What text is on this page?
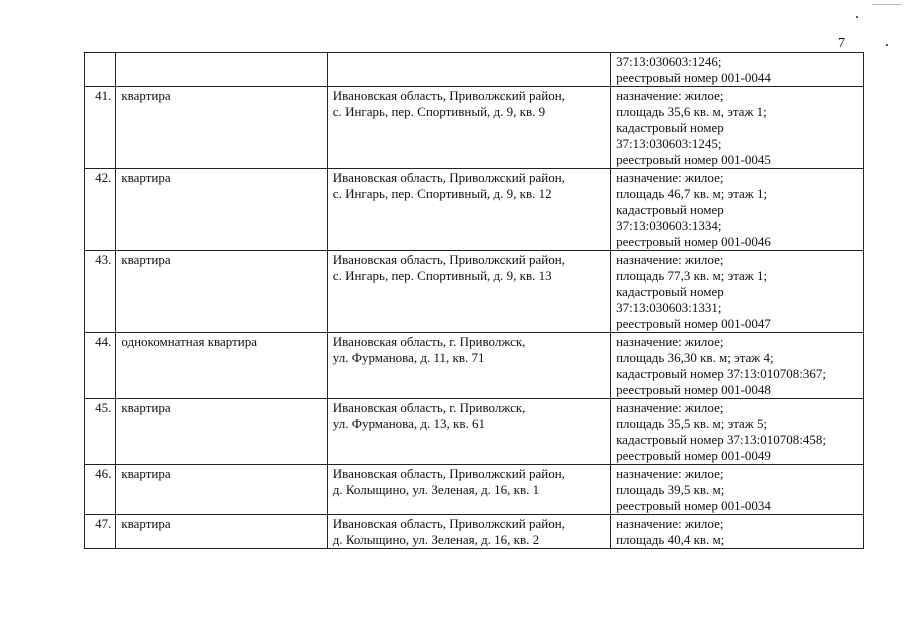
7

			37:13:030603:1246;
реестровый номер 001-0044

41.	квартира	Ивановская область, Приволжский район,
с. Ингарь, пер. Спортивный, д. 9, кв. 9	назначение: жилое;
площадь 35,6 кв. м, этаж 1;
кадастровый номер
37:13:030603:1245;
реестровый номер 001-0045

42.	квартира	Ивановская область, Приволжский район,
с. Ингарь, пер. Спортивный, д. 9, кв. 12	назначение: жилое;
площадь 46,7 кв. м; этаж 1;
кадастровый номер
37:13:030603:1334;
реестровый номер 001-0046

43.	квартира	Ивановская область, Приволжский район,
с. Ингарь, пер. Спортивный, д. 9, кв. 13	назначение: жилое;
площадь 77,3 кв. м; этаж 1;
кадастровый номер
37:13:030603:1331;
реестровый номер 001-0047

44.	однокомнатная квартира	Ивановская область, г. Приволжск,
ул. Фурманова, д. 11, кв. 71	назначение: жилое;
площадь 36,30 кв. м; этаж 4;
кадастровый номер 37:13:010708:367;
реестровый номер 001-0048

45.	квартира	Ивановская область, г. Приволжск,
ул. Фурманова, д. 13, кв. 61	назначение: жилое;
площадь 35,5 кв. м; этаж 5;
кадастровый номер 37:13:010708:458;
реестровый номер 001-0049

46.	квартира	Ивановская область, Приволжский район,
д. Колыщино, ул. Зеленая, д. 16, кв. 1	назначение: жилое;
площадь 39,5 кв. м;
реестровый номер 001-0034

47.	квартира	Ивановская область, Приволжский район,
д. Колыщино, ул. Зеленая, д. 16, кв. 2	назначение: жилое;
площадь 40,4 кв. м;
